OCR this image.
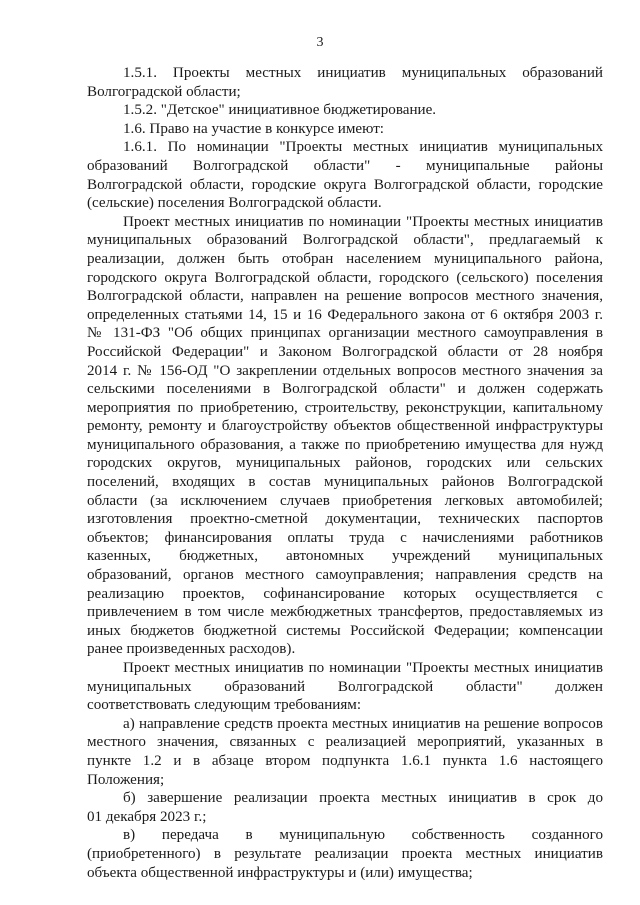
3
1.5.1. Проекты местных инициатив муниципальных образований
Волгоградской области;
1.5.2. "Детское" инициативное бюджетирование.
1.6. Право на участие в конкурсе имеют:
1.6.1. По номинации "Проекты местных инициатив муниципальных
образований Волгоградской области" - муниципальные районы
Волгоградской области, городские округа Волгоградской области, городские
(сельские) поселения Волгоградской области.
Проект местных инициатив по номинации "Проекты местных инициатив
муниципальных образований Волгоградской области", предлагаемый к
реализации, должен быть отобран населением муниципального района,
городского округа Волгоградской области, городского (сельского) поселения
Волгоградской области, направлен на решение вопросов местного значения,
определенных статьями 14, 15 и 16 Федерального закона от 6 октября 2003 г.
№ 131-ФЗ "Об общих принципах организации местного самоуправления в
Российской Федерации" и Законом Волгоградской области от 28 ноября
2014 г. № 156-ОД "О закреплении отдельных вопросов местного значения за
сельскими поселениями в Волгоградской области" и должен содержать
мероприятия по приобретению, строительству, реконструкции, капитальному
ремонту, ремонту и благоустройству объектов общественной инфраструктуры
муниципального образования, а также по приобретению имущества для нужд
городских округов, муниципальных районов, городских или сельских
поселений, входящих в состав муниципальных районов Волгоградской
области (за исключением случаев приобретения легковых автомобилей;
изготовления проектно-сметной документации, технических паспортов
объектов; финансирования оплаты труда с начислениями работников
казенных, бюджетных, автономных учреждений муниципальных
образований, органов местного самоуправления; направления средств на
реализацию проектов, софинансирование которых осуществляется с
привлечением в том числе межбюджетных трансфертов, предоставляемых из
иных бюджетов бюджетной системы Российской Федерации; компенсации
ранее произведенных расходов).
Проект местных инициатив по номинации "Проекты местных инициатив
муниципальных образований Волгоградской области" должен
соответствовать следующим требованиям:
а) направление средств проекта местных инициатив на решение вопросов
местного значения, связанных с реализацией мероприятий, указанных в
пункте 1.2 и в абзаце втором подпункта 1.6.1 пункта 1.6 настоящего
Положения;
б) завершение реализации проекта местных инициатив в срок до
01 декабря 2023 г.;
в) передача в муниципальную собственность созданного
(приобретенного) в результате реализации проекта местных инициатив
объекта общественной инфраструктуры и (или) имущества;
